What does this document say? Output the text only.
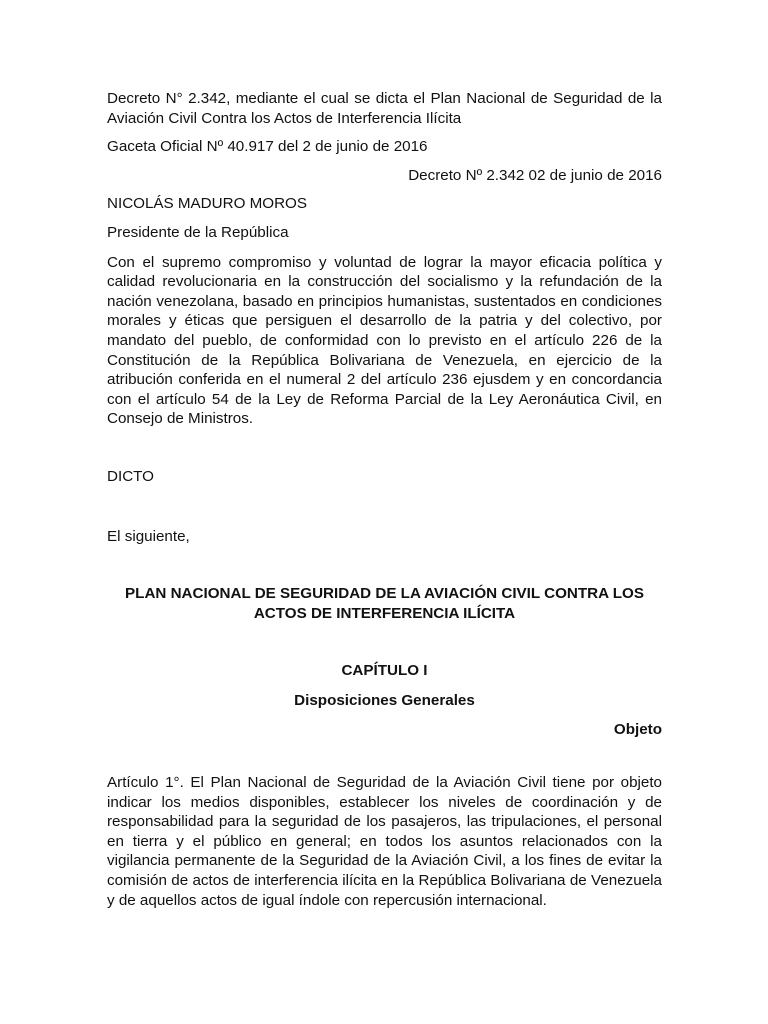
Decreto N° 2.342, mediante el cual se dicta el Plan Nacional de Seguridad de la Aviación Civil Contra los Actos de Interferencia Ilícita

Gaceta Oficial Nº 40.917 del 2 de junio de 2016

Decreto Nº 2.342 02 de junio de 2016

NICOLÁS MADURO MOROS

Presidente de la República

Con el supremo compromiso y voluntad de lograr la mayor eficacia política y calidad revolucionaria en la construcción del socialismo y la refundación de la nación venezolana, basado en principios humanistas, sustentados en condiciones morales y éticas que persiguen el desarrollo de la patria y del colectivo, por mandato del pueblo, de conformidad con lo previsto en el artículo 226 de la Constitución de la República Bolivariana de Venezuela, en ejercicio de la atribución conferida en el numeral 2 del artículo 236 ejusdem y en concordancia con el artículo 54 de la Ley de Reforma Parcial de la Ley Aeronáutica Civil, en Consejo de Ministros.

DICTO

El siguiente,

PLAN NACIONAL DE SEGURIDAD DE LA AVIACIÓN CIVIL CONTRA LOS ACTOS DE INTERFERENCIA ILÍCITA

CAPÍTULO I

Disposiciones Generales

Objeto

Artículo 1°. El Plan Nacional de Seguridad de la Aviación Civil tiene por objeto indicar los medios disponibles, establecer los niveles de coordinación y de responsabilidad para la seguridad de los pasajeros, las tripulaciones, el personal en tierra y el público en general; en todos los asuntos relacionados con la vigilancia permanente de la Seguridad de la Aviación Civil, a los fines de evitar la comisión de actos de interferencia ilícita en la República Bolivariana de Venezuela y de aquellos actos de igual índole con repercusión internacional.
